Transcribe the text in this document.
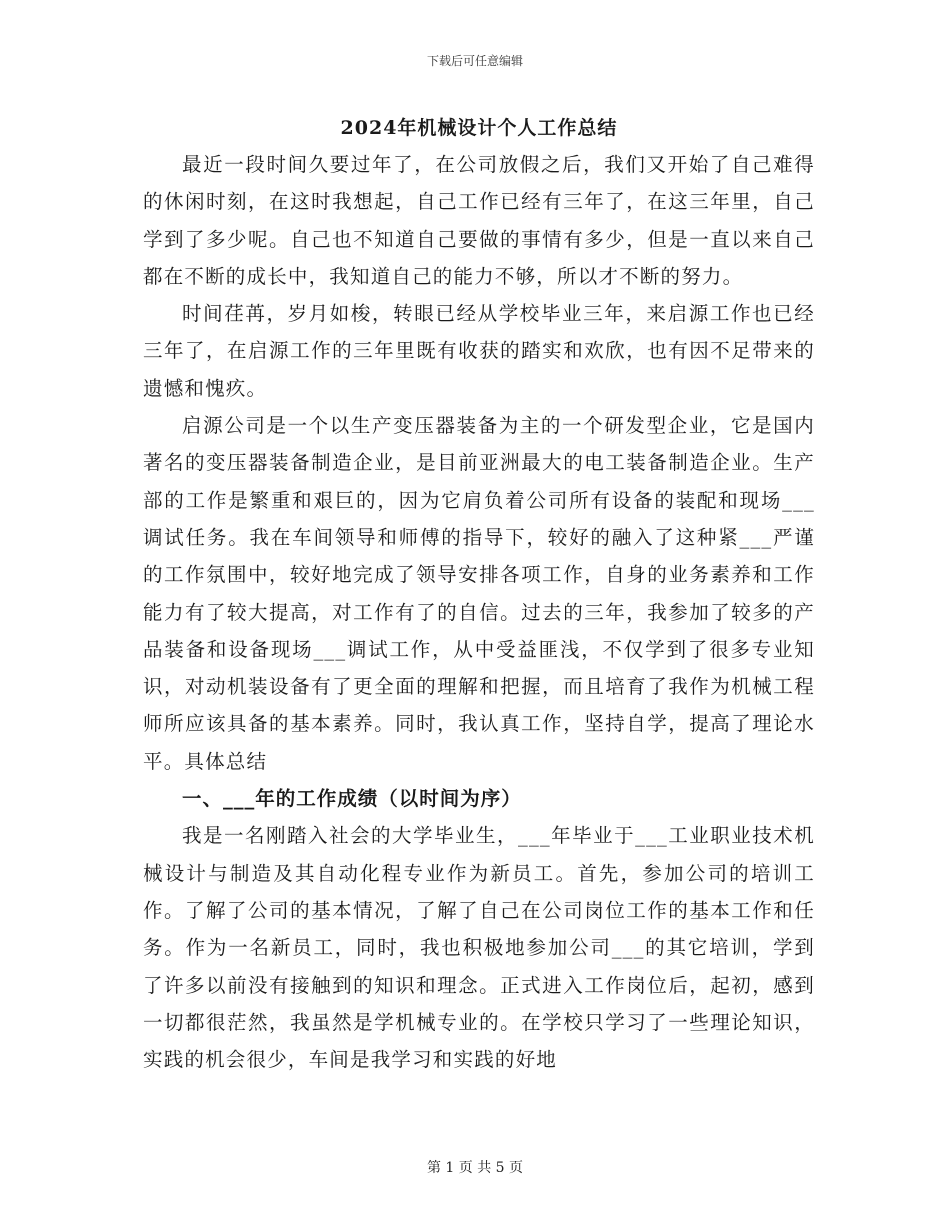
下载后可任意编辑
2024年机械设计个人工作总结

最近一段时间久要过年了，在公司放假之后，我们又开始了自己难得的休闲时刻，在这时我想起，自己工作已经有三年了，在这三年里，自己学到了多少呢。自己也不知道自己要做的事情有多少，但是一直以来自己都在不断的成长中，我知道自己的能力不够，所以才不断的努力。

时间荏苒，岁月如梭，转眼已经从学校毕业三年，来启源工作也已经三年了，在启源工作的三年里既有收获的踏实和欢欣，也有因不足带来的遗憾和愧疚。

启源公司是一个以生产变压器装备为主的一个研发型企业，它是国内著名的变压器装备制造企业，是目前亚洲最大的电工装备制造企业。生产部的工作是繁重和艰巨的，因为它肩负着公司所有设备的装配和现场___调试任务。我在车间领导和师傅的指导下，较好的融入了这种紧___严谨的工作氛围中，较好地完成了领导安排各项工作，自身的业务素养和工作能力有了较大提高，对工作有了的自信。过去的三年，我参加了较多的产品装备和设备现场___调试工作，从中受益匪浅，不仅学到了很多专业知识，对动机装设备有了更全面的理解和把握，而且培育了我作为机械工程师所应该具备的基本素养。同时，我认真工作，坚持自学，提高了理论水平。具体总结

一、___年的工作成绩（以时间为序）

我是一名刚踏入社会的大学毕业生，___年毕业于___工业职业技术机械设计与制造及其自动化程专业作为新员工。首先，参加公司的培训工作。了解了公司的基本情况，了解了自己在公司岗位工作的基本工作和任务。作为一名新员工，同时，我也积极地参加公司___的其它培训，学到了许多以前没有接触到的知识和理念。正式进入工作岗位后，起初，感到一切都很茫然，我虽然是学机械专业的。在学校只学习了一些理论知识，实践的机会很少，车间是我学习和实践的好地

第 1 页 共 5 页
